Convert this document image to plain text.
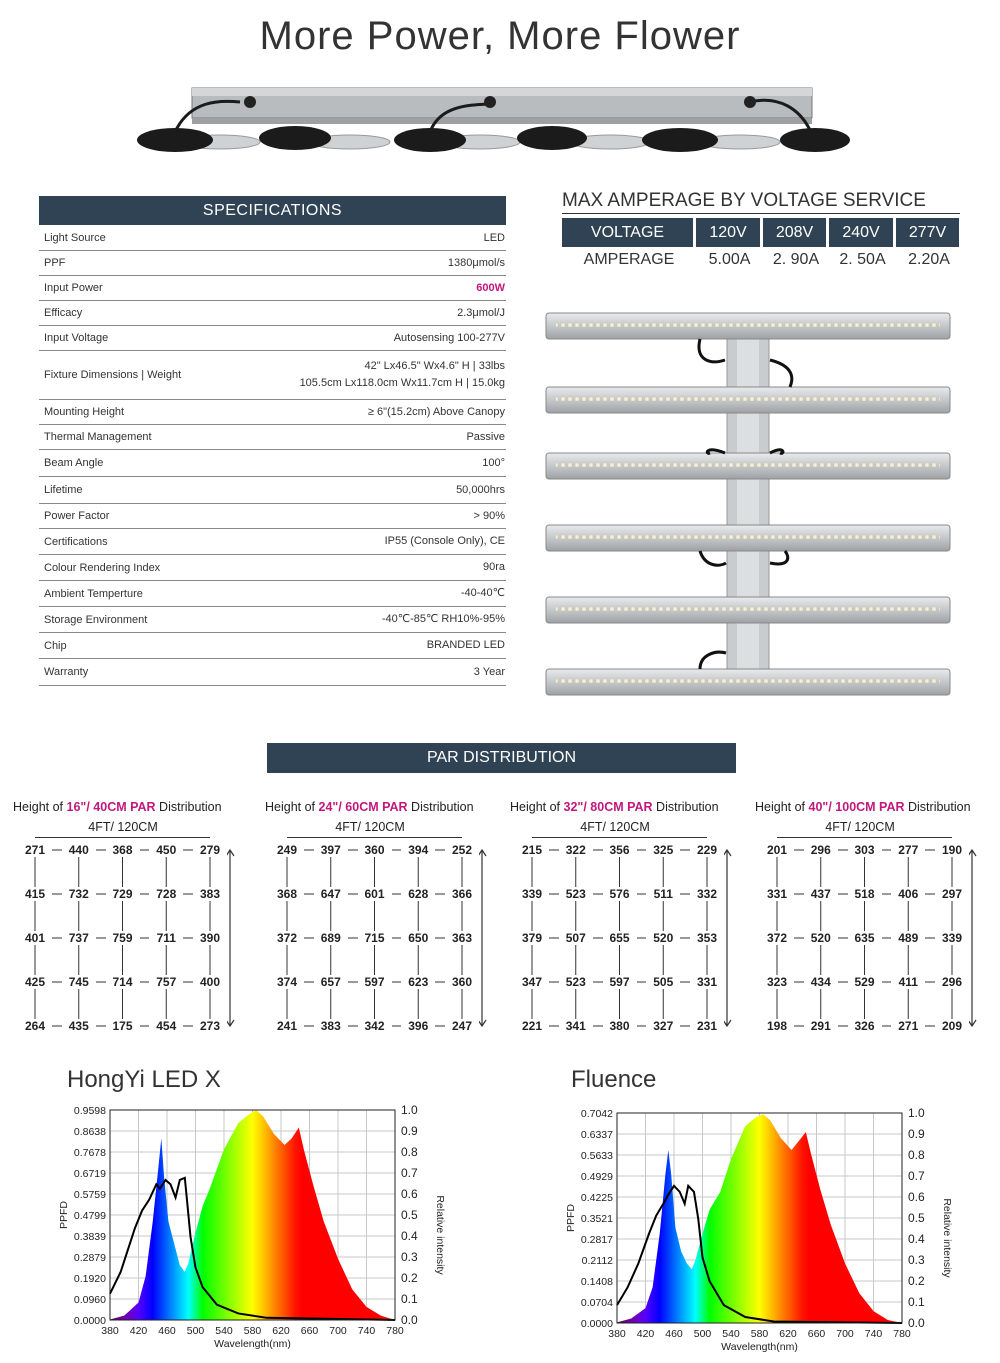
More Power, More Flower
SPECIFICATIONS
Light Source	LED
PPF	1380μmol/s
Input Power	600W
Efficacy	2.3μmol/J
Input Voltage	Autosensing 100-277V
Fixture Dimensions | Weight
42" Lx46.5" Wx4.6" H | 33lbs
105.5cm Lx118.0cm Wx11.7cm H | 15.0kg
Mounting Height	≥ 6"(15.2cm) Above Canopy
Thermal Management	Passive
Beam Angle	100°
Lifetime	50,000hrs
Power Factor	> 90%
Certifications	IP55 (Console Only), CE
Colour Rendering Index	90ra
Ambient Temperture	-40-40℃
Storage Environment	-40℃-85℃ RH10%-95%
Chip	BRANDED LED
Warranty	3 Year
MAX AMPERAGE BY VOLTAGE SERVICE
VOLTAGE	120V	208V	240V	277V
AMPERAGE	5.00A	2. 90A	2. 50A	2.20A
PAR DISTRIBUTION
Height of 16"/ 40CM PAR Distribution
4FT/ 120CM
271	440	368	450	279
415	732	729	728	383
401	737	759	711	390
425	745	714	757	400
264	435	175	454	273
Height of 24"/ 60CM PAR Distribution
4FT/ 120CM
249	397	360	394	252
368	647	601	628	366
372	689	715	650	363
374	657	597	623	360
241	383	342	396	247
Height of 32"/ 80CM PAR Distribution
4FT/ 120CM
215	322	356	325	229
339	523	576	511	332
379	507	655	520	353
347	523	597	505	331
221	341	380	327	231
Height of 40"/ 100CM PAR Distribution
4FT/ 120CM
201	296	303	277	190
331	437	518	406	297
372	520	635	489	339
323	434	529	411	296
198	291	326	271	209
HongYi LED X	Fluence
0.0000
0.0960
0.1920
0.2879
0.3839
0.4799
0.5759
0.6719
0.7678
0.8638
0.9598
0.0
0.1
0.2
0.3
0.4
0.5
0.6
0.7
0.8
0.9
1.0
380 420 460 500 540 580 620 660 700 740 780
Wavelength(nm)
PPFD	Relative intensity
0.0000
0.0704
0.1408
0.2112
0.2817
0.3521
0.4225
0.4929
0.5633
0.6337
0.7042
0.0
0.1
0.2
0.3
0.4
0.5
0.6
0.7
0.8
0.9
1.0
380 420 460 500 540 580 620 660 700 740 780
Wavelength(nm)
PPFD	Relative intensity
